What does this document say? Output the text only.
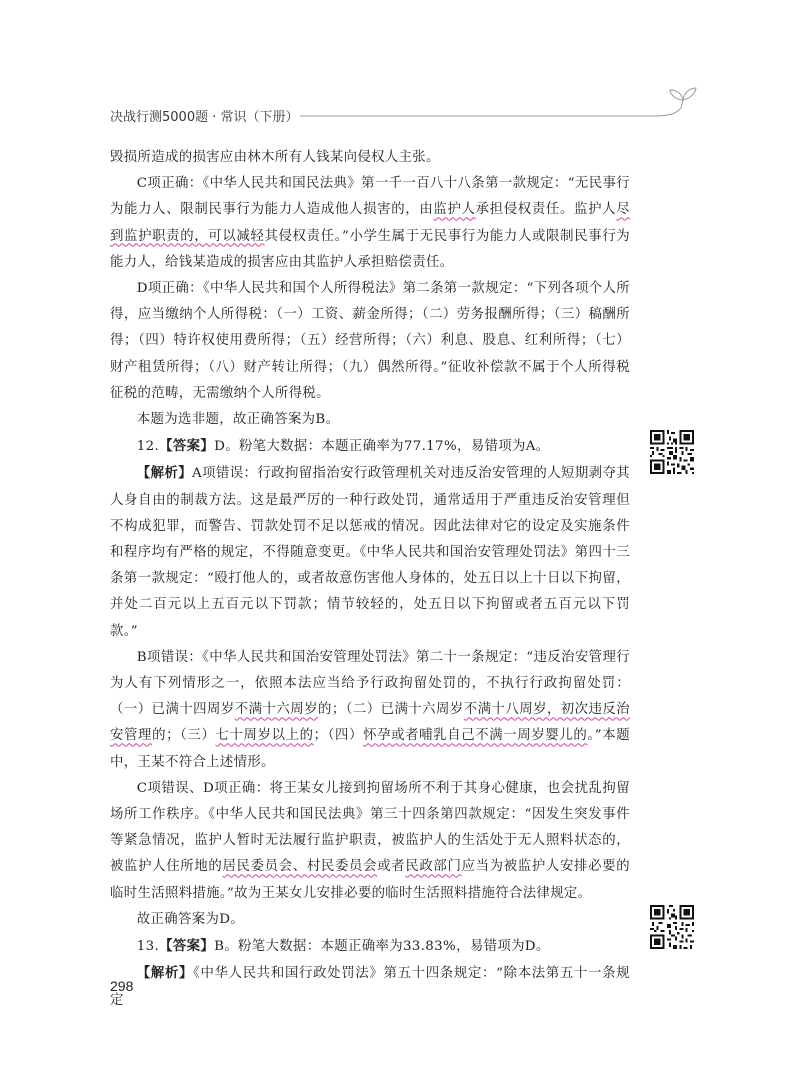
决战行测5000题 · 常识（下册）

毁损所造成的损害应由林木所有人钱某向侵权人主张。

C项正确：《中华人民共和国民法典》第一千一百八十八条第一款规定：“无民事行为能力人、限制民事行为能力人造成他人损害的，由监护人承担侵权责任。监护人尽到监护职责的，可以减轻其侵权责任。”小学生属于无民事行为能力人或限制民事行为能力人，给钱某造成的损害应由其监护人承担赔偿责任。

D项正确：《中华人民共和国个人所得税法》第二条第一款规定：“下列各项个人所得，应当缴纳个人所得税：（一）工资、薪金所得；（二）劳务报酬所得；（三）稿酬所得；（四）特许权使用费所得；（五）经营所得；（六）利息、股息、红利所得；（七）财产租赁所得；（八）财产转让所得；（九）偶然所得。”征收补偿款不属于个人所得税征税的范畴，无需缴纳个人所得税。

本题为选非题，故正确答案为B。

12.【答案】D。粉笔大数据：本题正确率为77.17%，易错项为A。

【解析】A项错误：行政拘留指治安行政管理机关对违反治安管理的人短期剥夺其人身自由的制裁方法。这是最严厉的一种行政处罚，通常适用于严重违反治安管理但不构成犯罪，而警告、罚款处罚不足以惩戒的情况。因此法律对它的设定及实施条件和程序均有严格的规定，不得随意变更。《中华人民共和国治安管理处罚法》第四十三条第一款规定：“殴打他人的，或者故意伤害他人身体的，处五日以上十日以下拘留，并处二百元以上五百元以下罚款；情节较轻的，处五日以下拘留或者五百元以下罚款。”

B项错误：《中华人民共和国治安管理处罚法》第二十一条规定：“违反治安管理行为人有下列情形之一，依照本法应当给予行政拘留处罚的，不执行行政拘留处罚：（一）已满十四周岁不满十六周岁的；（二）已满十六周岁不满十八周岁，初次违反治安管理的；（三）七十周岁以上的；（四）怀孕或者哺乳自己不满一周岁婴儿的。”本题中，王某不符合上述情形。

C项错误、D项正确：将王某女儿接到拘留场所不利于其身心健康，也会扰乱拘留场所工作秩序。《中华人民共和国民法典》第三十四条第四款规定：“因发生突发事件等紧急情况，监护人暂时无法履行监护职责，被监护人的生活处于无人照料状态的，被监护人住所地的居民委员会、村民委员会或者民政部门应当为被监护人安排必要的临时生活照料措施。”故为王某女儿安排必要的临时生活照料措施符合法律规定。

故正确答案为D。

13.【答案】B。粉笔大数据：本题正确率为33.83%，易错项为D。

【解析】《中华人民共和国行政处罚法》第五十四条规定：“除本法第五十一条规定

298
